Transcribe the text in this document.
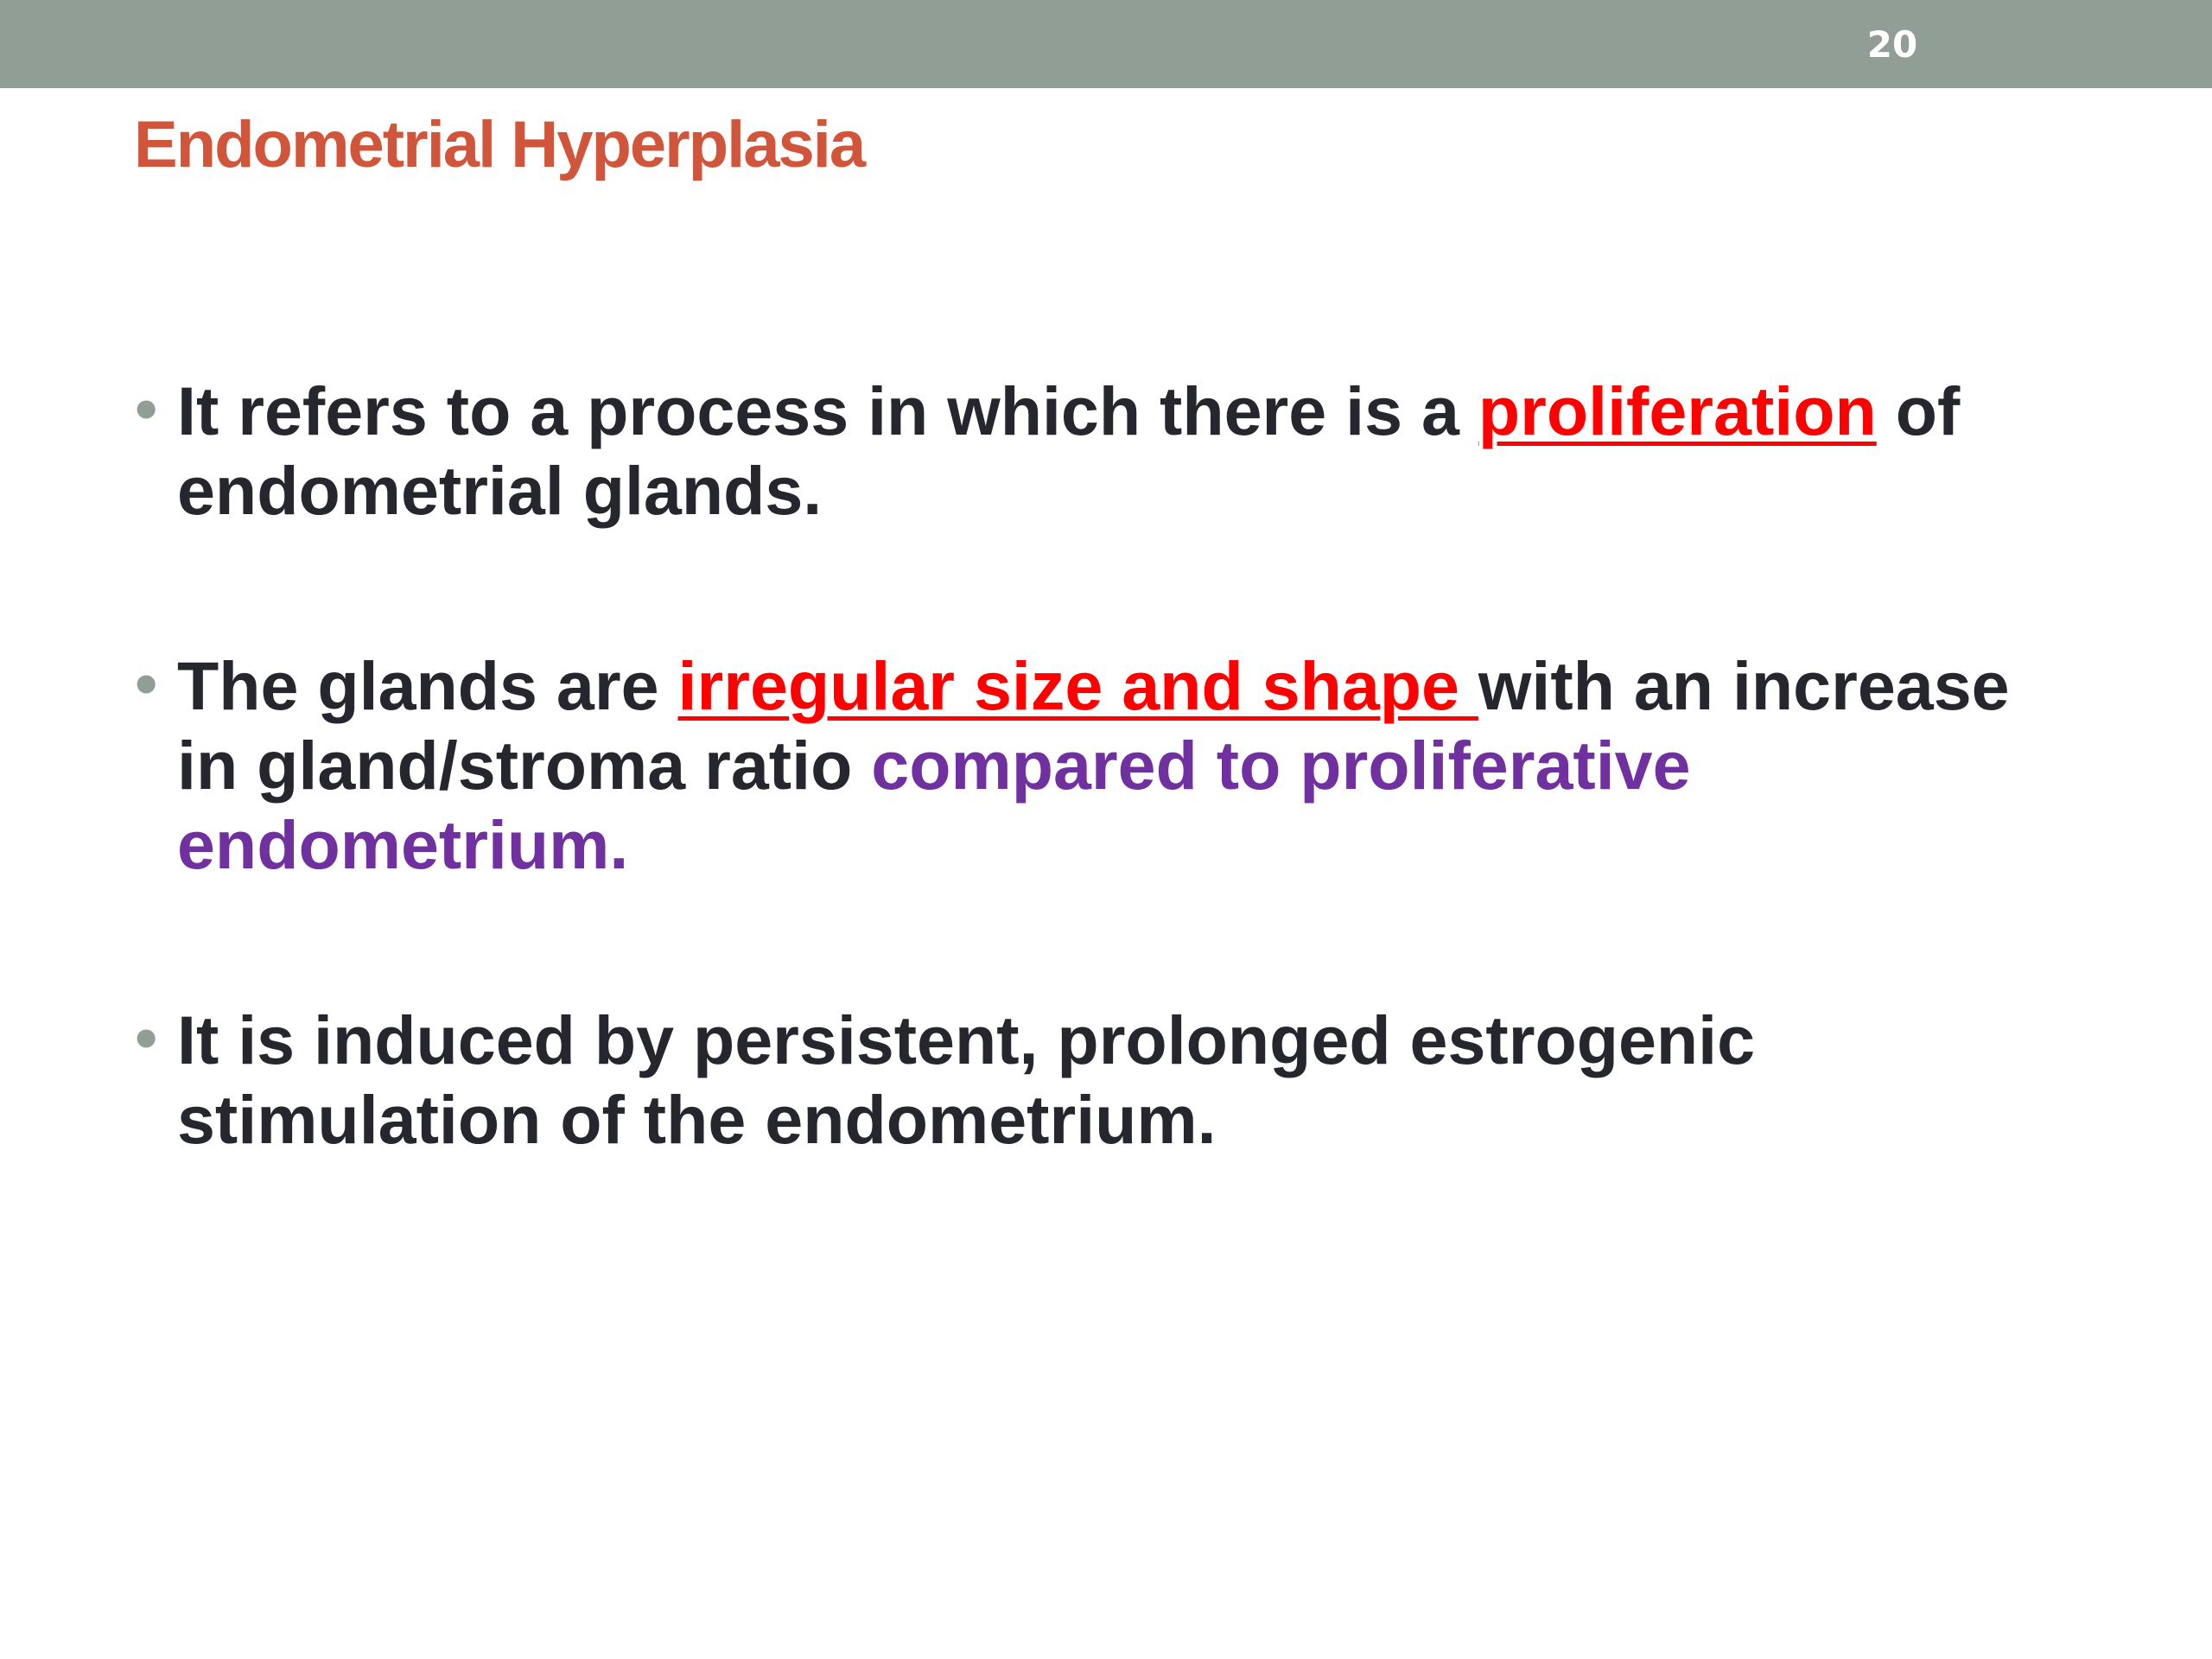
20
Endometrial Hyperplasia
• It refers to a process in which there is a proliferation of endometrial glands.
• The glands are irregular size and shape with an increase in gland/stroma ratio compared to proliferative endometrium.
• It is induced by persistent, prolonged estrogenic stimulation of the endometrium.
